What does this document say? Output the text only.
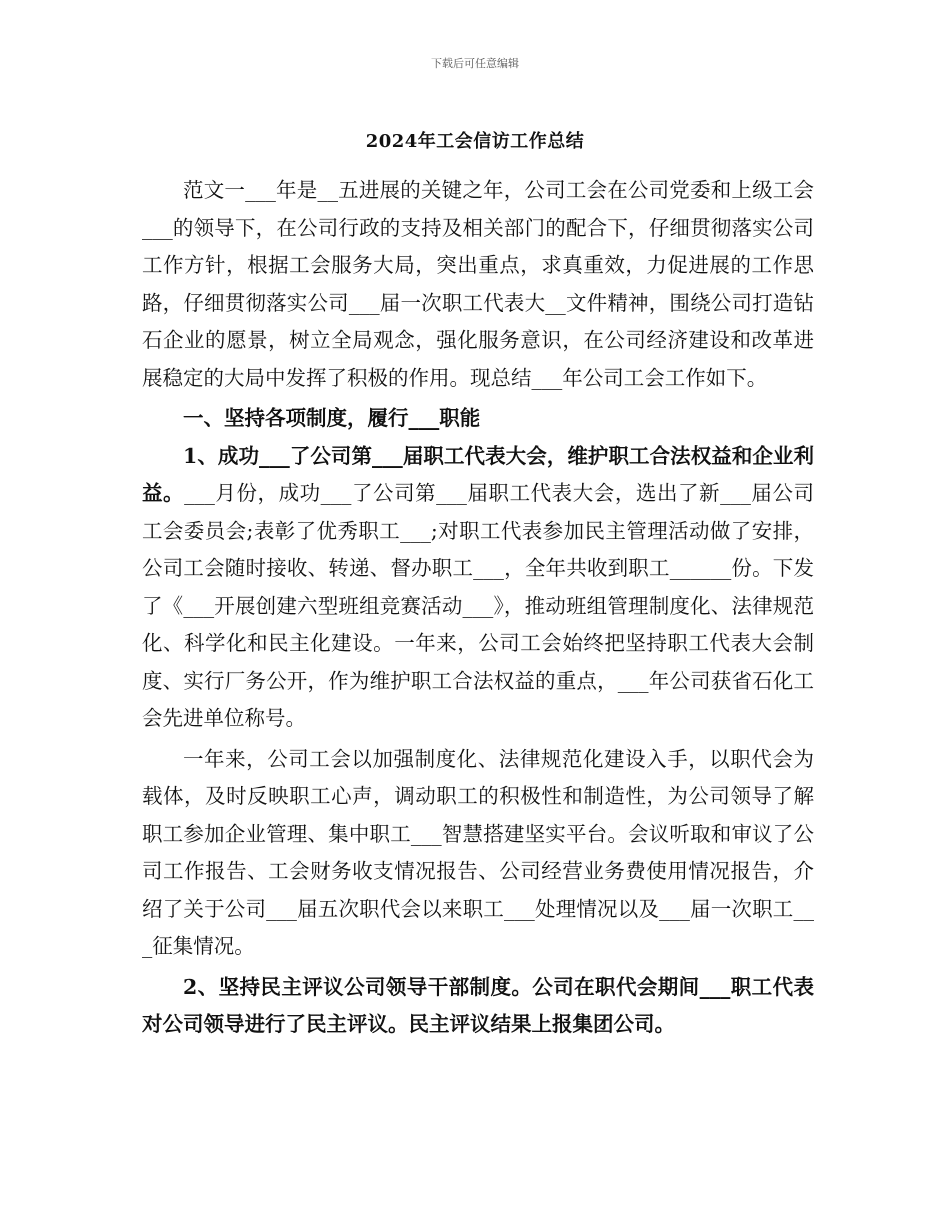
下载后可任意编辑
2024年工会信访工作总结

范文一___年是__五进展的关键之年，公司工会在公司党委和上级工会___的领导下，在公司行政的支持及相关部门的配合下，仔细贯彻落实公司工作方针，根据工会服务大局，突出重点，求真重效，力促进展的工作思路，仔细贯彻落实公司___届一次职工代表大__文件精神，围绕公司打造钻石企业的愿景，树立全局观念，强化服务意识，在公司经济建设和改革进展稳定的大局中发挥了积极的作用。现总结___年公司工会工作如下。

一、坚持各项制度，履行___职能

1、成功___了公司第___届职工代表大会，维护职工合法权益和企业利益。___月份，成功___了公司第___届职工代表大会，选出了新___届公司工会委员会;表彰了优秀职工___;对职工代表参加民主管理活动做了安排，公司工会随时接收、转递、督办职工___，全年共收到职工______份。下发了《___开展创建六型班组竞赛活动___》，推动班组管理制度化、法律规范化、科学化和民主化建设。一年来，公司工会始终把坚持职工代表大会制度、实行厂务公开，作为维护职工合法权益的重点，___年公司获省石化工会先进单位称号。

一年来，公司工会以加强制度化、法律规范化建设入手，以职代会为载体，及时反映职工心声，调动职工的积极性和制造性，为公司领导了解职工参加企业管理、集中职工___智慧搭建坚实平台。会议听取和审议了公司工作报告、工会财务收支情况报告、公司经营业务费使用情况报告，介绍了关于公司___届五次职代会以来职工___处理情况以及___届一次职工___征集情况。

2、坚持民主评议公司领导干部制度。公司在职代会期间___职工代表对公司领导进行了民主评议。民主评议结果上报集团公司。
